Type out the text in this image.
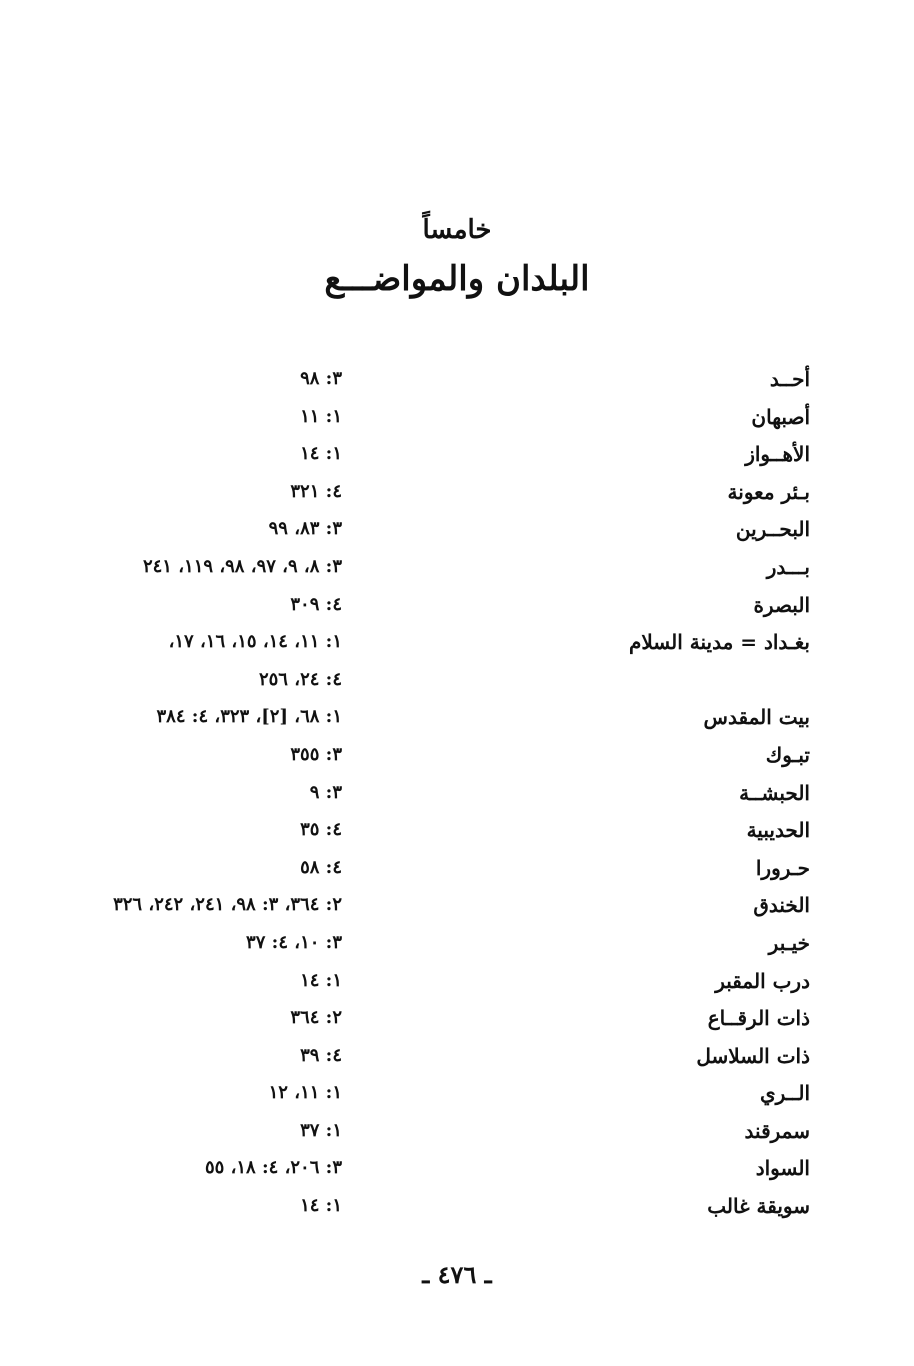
خامساً
البلدان والمواضـــع
أحــد
٣: ٩٨
أصبهان
١: ١١
الأهــواز
١: ١٤
بـئر معونة
٤: ٣٢١
البحــرين
٣: ٨٣، ٩٩
بـــدر
٣: ٨، ٩، ٩٧، ٩٨، ١١٩، ٢٤١
البصرة
٤: ٣٠٩
بغـداد = مدينة السلام
١: ١١، ١٤، ١٥، ١٦، ١٧،
٤: ٢٤، ٢٥٦
بيت المقدس
١: ٦٨، [٢]، ٣٢٣، ٤: ٣٨٤
تبـوك
٣: ٣٥٥
الحبشــة
٣: ٩
الحديبية
٤: ٣٥
حـرورا
٤: ٥٨
الخندق
٢: ٣٦٤، ٣: ٩٨، ٢٤١، ٢٤٢، ٣٢٦
خيـبر
٣: ١٠، ٤: ٣٧
درب المقبر
١: ١٤
ذات الرقــاع
٢: ٣٦٤
ذات السلاسل
٤: ٣٩
الــري
١: ١١، ١٢
سمرقند
١: ٣٧
السواد
٣: ٢٠٦، ٤: ١٨، ٥٥
سويقة غالب
١: ١٤
ـ ٤٧٦ ـ
